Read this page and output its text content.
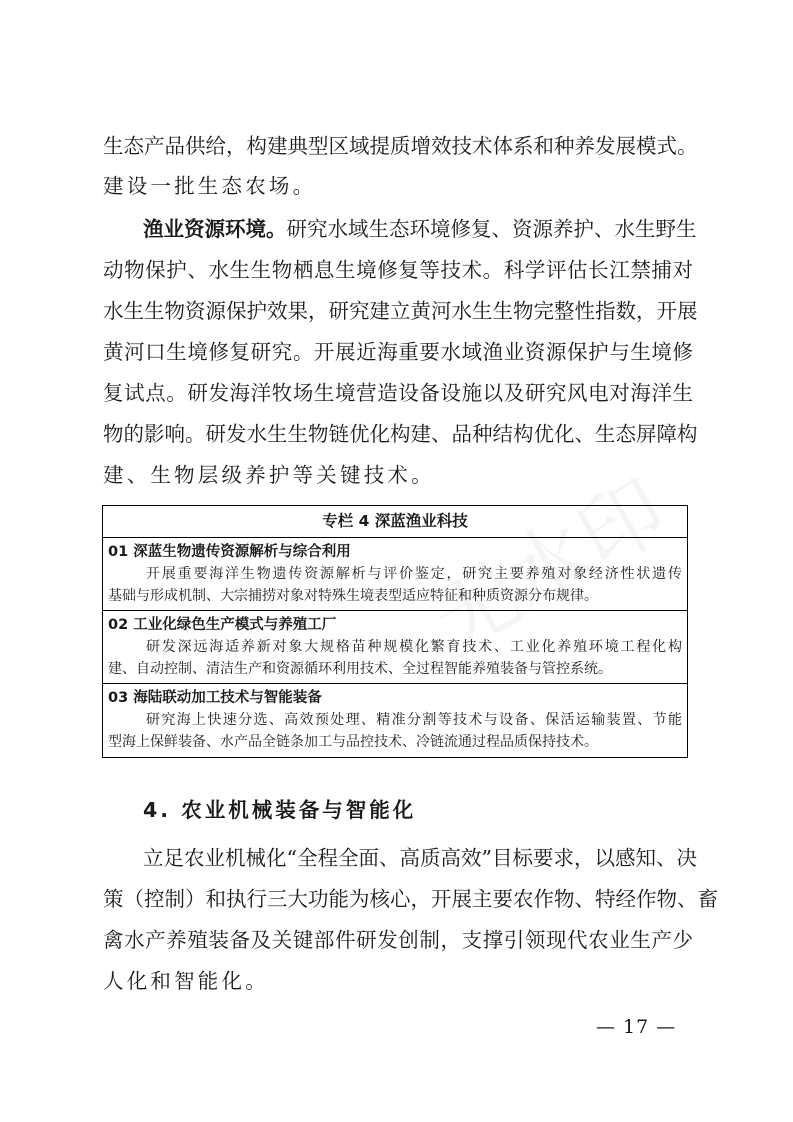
生态产品供给，构建典型区域提质增效技术体系和种养发展模式。
建设一批生态农场。
渔业资源环境。研究水域生态环境修复、资源养护、水生野生
动物保护、水生生物栖息生境修复等技术。科学评估长江禁捕对
水生生物资源保护效果，研究建立黄河水生生物完整性指数，开展
黄河口生境修复研究。开展近海重要水域渔业资源保护与生境修
复试点。研发海洋牧场生境营造设备设施以及研究风电对海洋生
物的影响。研发水生生物链优化构建、品种结构优化、生态屏障构
建、生物层级养护等关键技术。
专栏 4 深蓝渔业科技
01 深蓝生物遗传资源解析与综合利用
开展重要海洋生物遗传资源解析与评价鉴定，研究主要养殖对象经济性状遗传
基础与形成机制、大宗捕捞对象对特殊生境表型适应特征和种质资源分布规律。
02 工业化绿色生产模式与养殖工厂
研发深远海适养新对象大规格苗种规模化繁育技术、工业化养殖环境工程化构
建、自动控制、清洁生产和资源循环利用技术、全过程智能养殖装备与管控系统。
03 海陆联动加工技术与智能装备
研究海上快速分选、高效预处理、精准分割等技术与设备、保活运输装置、节能
型海上保鲜装备、水产品全链条加工与品控技术、冷链流通过程品质保持技术。
4. 农业机械装备与智能化
立足农业机械化“全程全面、高质高效”目标要求，以感知、决
策（控制）和执行三大功能为核心，开展主要农作物、特经作物、畜
禽水产养殖装备及关键部件研发创制，支撑引领现代农业生产少
人化和智能化。
— 17 —
